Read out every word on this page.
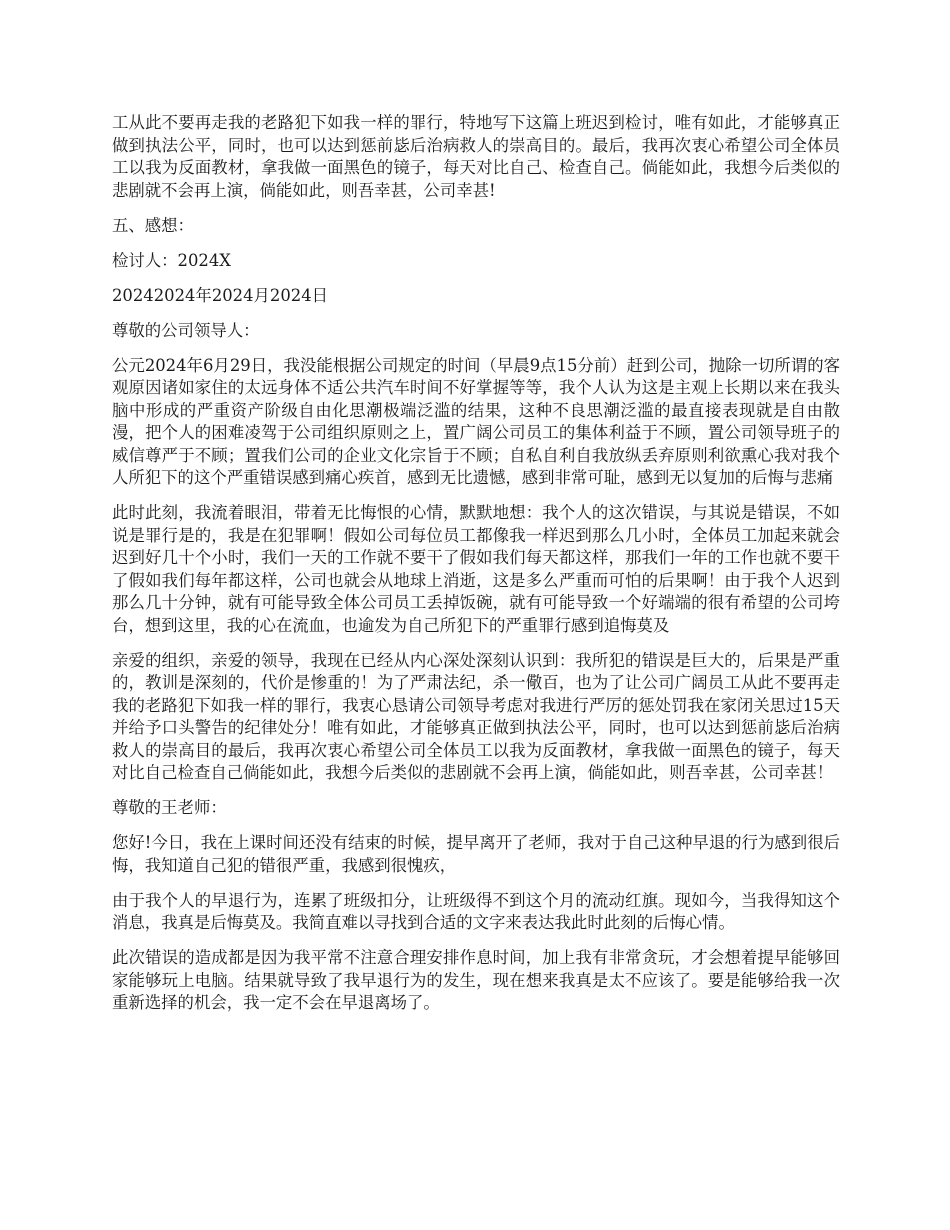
工从此不要再走我的老路犯下如我一样的罪行，特地写下这篇上班迟到检讨，唯有如此，才能够真正做到执法公平，同时，也可以达到惩前毖后治病救人的崇高目的。最后，我再次衷心希望公司全体员工以我为反面教材，拿我做一面黑色的镜子，每天对比自己、检查自己。倘能如此，我想今后类似的悲剧就不会再上演，倘能如此，则吾幸甚，公司幸甚!

五、感想：

检讨人：2024X

20242024年2024月2024日

尊敬的公司领导人：

公元2024年6月29日，我没能根据公司规定的时间（早晨9点15分前）赶到公司，抛除一切所谓的客观原因诸如家住的太远身体不适公共汽车时间不好掌握等等，我个人认为这是主观上长期以来在我头脑中形成的严重资产阶级自由化思潮极端泛滥的结果，这种不良思潮泛滥的最直接表现就是自由散漫，把个人的困难凌驾于公司组织原则之上，置广阔公司员工的集体利益于不顾，置公司领导班子的威信尊严于不顾；置我们公司的企业文化宗旨于不顾；自私自利自我放纵丢弃原则利欲熏心我对我个人所犯下的这个严重错误感到痛心疾首，感到无比遗憾，感到非常可耻，感到无以复加的后悔与悲痛

此时此刻，我流着眼泪，带着无比悔恨的心情，默默地想：我个人的这次错误，与其说是错误，不如说是罪行是的，我是在犯罪啊！假如公司每位员工都像我一样迟到那么几小时，全体员工加起来就会迟到好几十个小时，我们一天的工作就不要干了假如我们每天都这样，那我们一年的工作也就不要干了假如我们每年都这样，公司也就会从地球上消逝，这是多么严重而可怕的后果啊！由于我个人迟到那么几十分钟，就有可能导致全体公司员工丢掉饭碗，就有可能导致一个好端端的很有希望的公司垮台，想到这里，我的心在流血，也逾发为自己所犯下的严重罪行感到追悔莫及

亲爱的组织，亲爱的领导，我现在已经从内心深处深刻认识到：我所犯的错误是巨大的，后果是严重的，教训是深刻的，代价是惨重的！为了严肃法纪，杀一儆百，也为了让公司广阔员工从此不要再走我的老路犯下如我一样的罪行，我衷心恳请公司领导考虑对我进行严厉的惩处罚我在家闭关思过15天并给予口头警告的纪律处分！唯有如此，才能够真正做到执法公平，同时，也可以达到惩前毖后治病救人的崇高目的最后，我再次衷心希望公司全体员工以我为反面教材，拿我做一面黑色的镜子，每天对比自己检查自己倘能如此，我想今后类似的悲剧就不会再上演，倘能如此，则吾幸甚，公司幸甚！

尊敬的王老师：

您好!今日，我在上课时间还没有结束的时候，提早离开了老师，我对于自己这种早退的行为感到很后悔，我知道自己犯的错很严重，我感到很愧疚，

由于我个人的早退行为，连累了班级扣分，让班级得不到这个月的流动红旗。现如今，当我得知这个消息，我真是后悔莫及。我简直难以寻找到合适的文字来表达我此时此刻的后悔心情。

此次错误的造成都是因为我平常不注意合理安排作息时间，加上我有非常贪玩，才会想着提早能够回家能够玩上电脑。结果就导致了我早退行为的发生，现在想来我真是太不应该了。要是能够给我一次重新选择的机会，我一定不会在早退离场了。
